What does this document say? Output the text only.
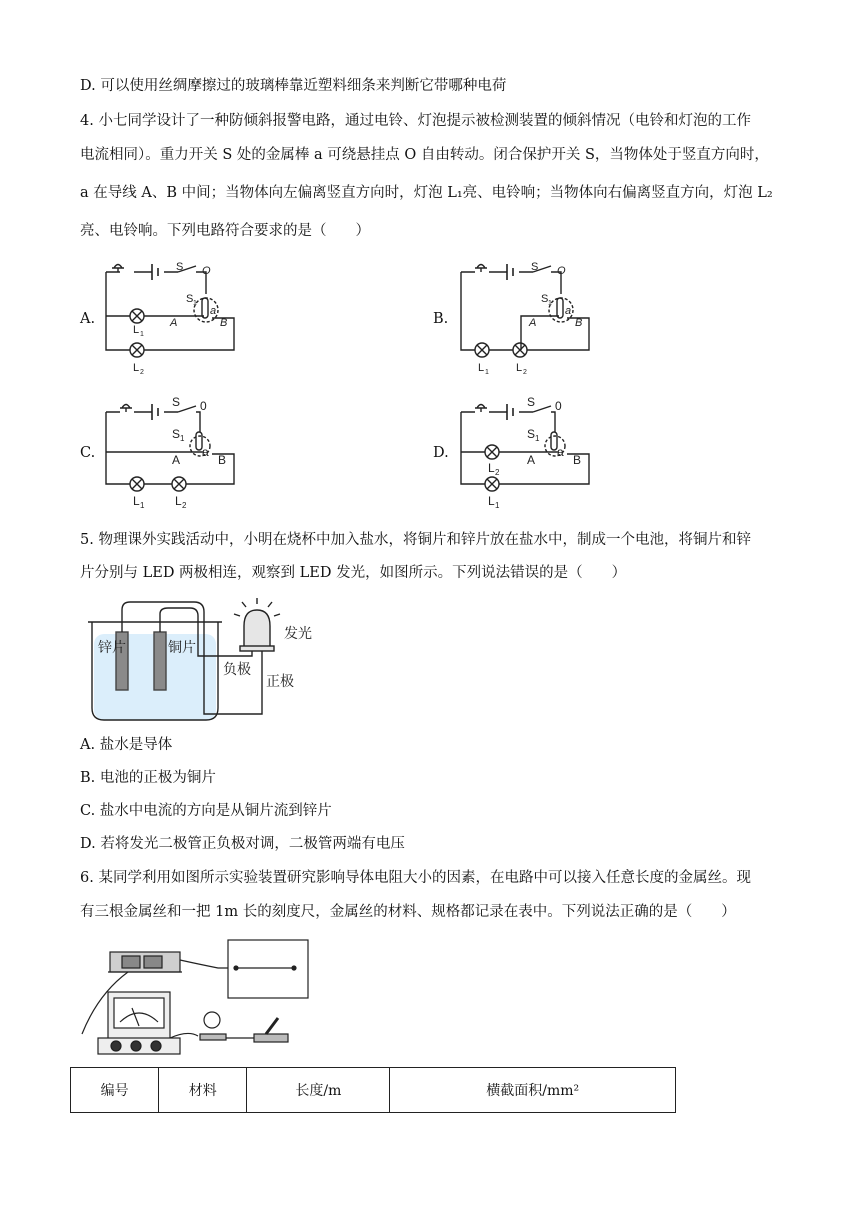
D. 可以使用丝绸摩擦过的玻璃棒靠近塑料细条来判断它带哪种电荷
4. 小七同学设计了一种防倾斜报警电路，通过电铃、灯泡提示被检测装置的倾斜情况（电铃和灯泡的工作
电流相同）。重力开关 S 处的金属棒 a 可绕悬挂点 O 自由转动。闭合保护开关 S，当物体处于竖直方向时，
a 在导线 A、B 中间；当物体向左偏离竖直方向时，灯泡 L₁亮、电铃响；当物体向右偏离竖直方向，灯泡 L₂
亮、电铃响。下列电路符合要求的是（　　）
A.	B.
C.	D.
S O
S 1
a
A	B
L 1
L 2
S O
S 1
a
A	B
L 1 L 2
S 0
S 1
a
A	B
L 1	L 2
S 0
S 1
a
A	B
L 2
L 1
5. 物理课外实践活动中，小明在烧杯中加入盐水，将铜片和锌片放在盐水中，制成一个电池，将铜片和锌
片分别与 LED 两极相连，观察到 LED 发光，如图所示。下列说法错误的是（　　）
锌片	铜片
负极
正极
发光
A. 盐水是导体
B. 电池的正极为铜片
C. 盐水中电流的方向是从铜片流到锌片
D. 若将发光二极管正负极对调，二极管两端有电压
6. 某同学利用如图所示实验装置研究影响导体电阻大小的因素，在电路中可以接入任意长度的金属丝。现
有三根金属丝和一把 1m 长的刻度尺，金属丝的材料、规格都记录在表中。下列说法正确的是（　　）
编号	材料	长度/m	横截面积/mm²
